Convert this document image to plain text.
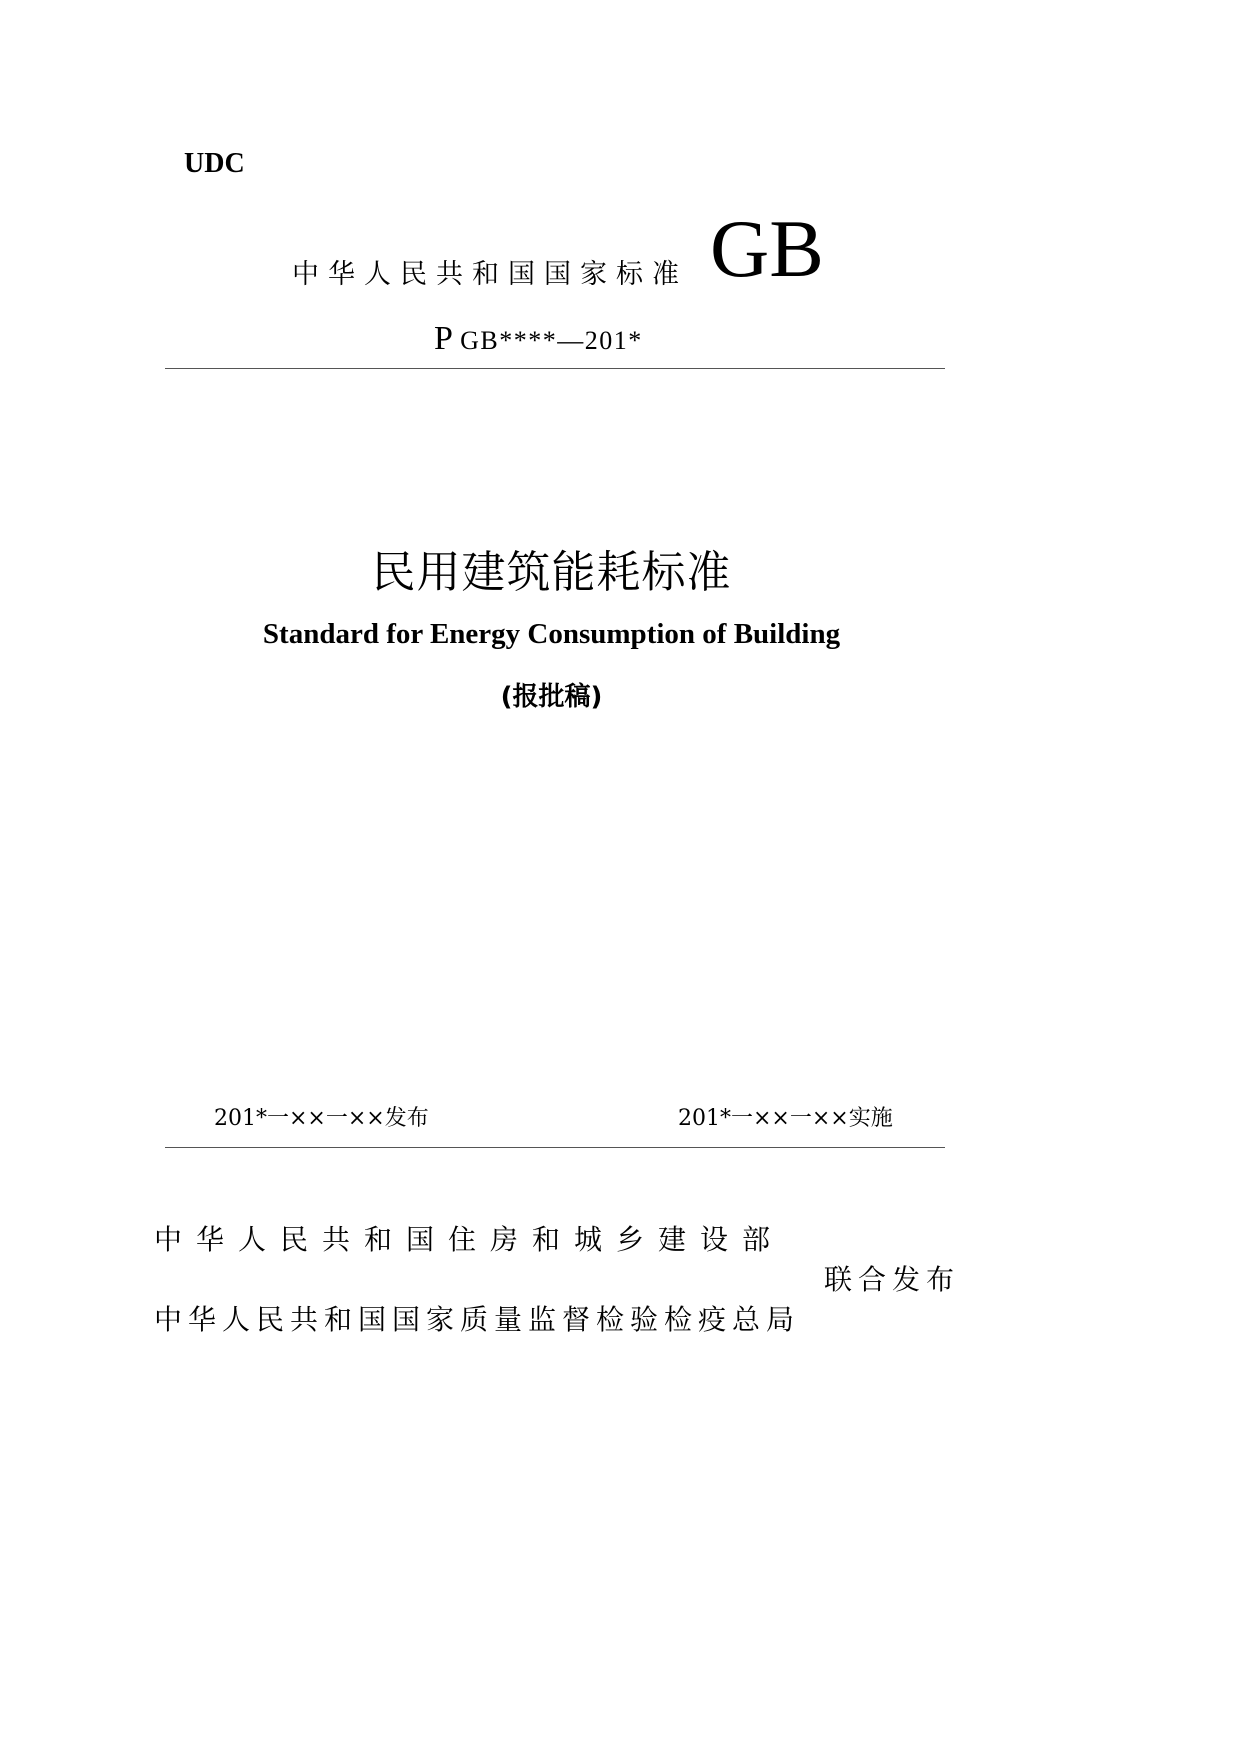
UDC
中华人民共和国国家标准 GB
P GB****—201*
民用建筑能耗标准
Standard for Energy Consumption of Building
(报批稿)
201*一××一××发布	201*一××一××实施
中华人民共和国住房和城乡建设部
联合发布
中华人民共和国国家质量监督检验检疫总局
